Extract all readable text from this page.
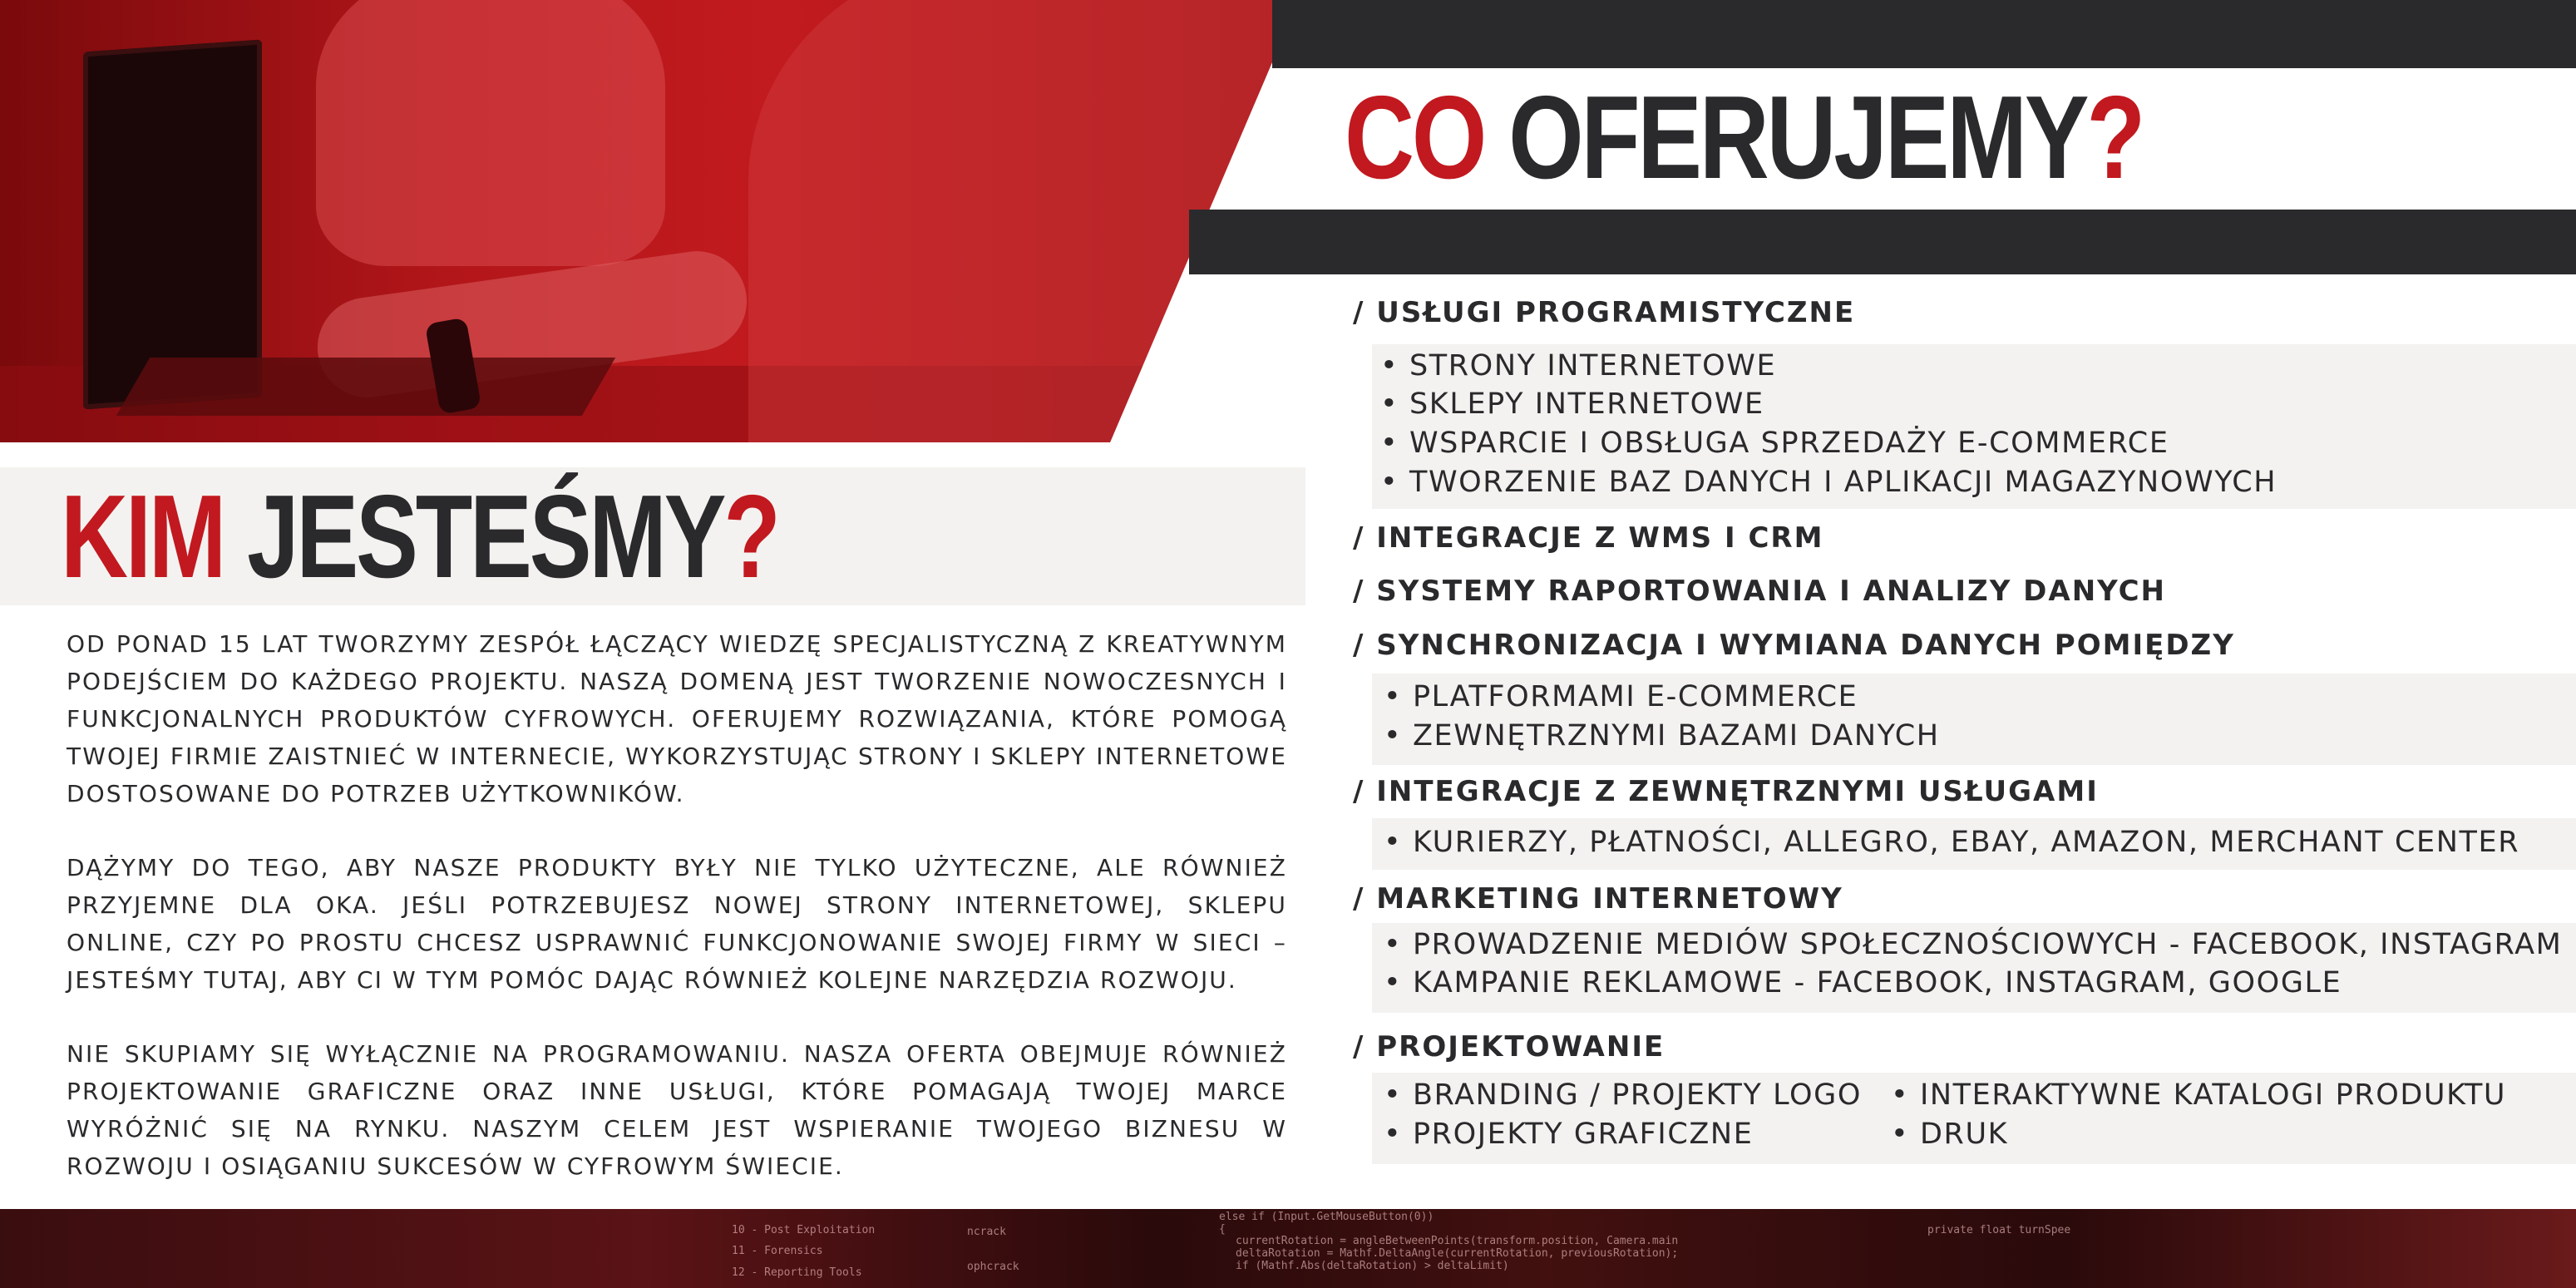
CO OFERUJEMY?
KIM JESTEŚMY?

OD PONAD 15 LAT TWORZYMY ZESPÓŁ ŁĄCZĄCY WIEDZĘ SPECJALISTYCZNĄ Z KREATYWNYM PODEJŚCIEM DO KAŻDEGO PROJEKTU. NASZĄ DOMENĄ JEST TWORZENIE NOWOCZESNYCH I FUNKCJONALNYCH PRODUKTÓW CYFROWYCH. OFERUJEMY ROZWIĄZANIA, KTÓRE POMOGĄ TWOJEJ FIRMIE ZAISTNIEĆ W INTERNECIE, WYKORZYSTUJĄC STRONY I SKLEPY INTERNETOWE DOSTOSOWANE DO POTRZEB UŻYTKOWNIKÓW.

DĄŻYMY DO TEGO, ABY NASZE PRODUKTY BYŁY NIE TYLKO UŻYTECZNE, ALE RÓWNIEŻ PRZYJEMNE DLA OKA. JEŚLI POTRZEBUJESZ NOWEJ STRONY INTERNETOWEJ, SKLEPU ONLINE, CZY PO PROSTU CHCESZ USPRAWNIĆ FUNKCJONOWANIE SWOJEJ FIRMY W SIECI – JESTEŚMY TUTAJ, ABY CI W TYM POMÓC DAJĄC RÓWNIEŻ KOLEJNE NARZĘDZIA ROZWOJU.

NIE SKUPIAMY SIĘ WYŁĄCZNIE NA PROGRAMOWANIU. NASZA OFERTA OBEJMUJE RÓWNIEŻ PROJEKTOWANIE GRAFICZNE ORAZ INNE USŁUGI, KTÓRE POMAGAJĄ TWOJEJ MARCE WYRÓŻNIĆ SIĘ NA RYNKU. NASZYM CELEM JEST WSPIERANIE TWOJEGO BIZNESU W ROZWOJU I OSIĄGANIU SUKCESÓW W CYFROWYM ŚWIECIE.

/ USŁUGI PROGRAMISTYCZNE
• STRONY INTERNETOWE
• SKLEPY INTERNETOWE
• WSPARCIE I OBSŁUGA SPRZEDAŻY E-COMMERCE
• TWORZENIE BAZ DANYCH I APLIKACJI MAGAZYNOWYCH
/ INTEGRACJE Z WMS I CRM
/ SYSTEMY RAPORTOWANIA I ANALIZY DANYCH
/ SYNCHRONIZACJA I WYMIANA DANYCH POMIĘDZY
• PLATFORMAMI E-COMMERCE
• ZEWNĘTRZNYMI BAZAMI DANYCH
/ INTEGRACJE Z ZEWNĘTRZNYMI USŁUGAMI
• KURIERZY, PŁATNOŚCI, ALLEGRO, EBAY, AMAZON, MERCHANT CENTER
/ MARKETING INTERNETOWY
• PROWADZENIE MEDIÓW SPOŁECZNOŚCIOWYCH - FACEBOOK, INSTAGRAM
• KAMPANIE REKLAMOWE - FACEBOOK, INSTAGRAM, GOOGLE
/ PROJEKTOWANIE
• BRANDING / PROJEKTY LOGO
• PROJEKTY GRAFICZNE
• INTERAKTYWNE KATALOGI PRODUKTU
• DRUK
10 - Post Exploitation
11 - Forensics
12 - Reporting Tools
ncrack
ophcrack
else if (Input.GetMouseButton(0))
{
currentRotation = angleBetweenPoints(transform.position, Camera.main
deltaRotation = Mathf.DeltaAngle(currentRotation, previousRotation);
if (Mathf.Abs(deltaRotation) > deltaLimit)
private float turnSpee
